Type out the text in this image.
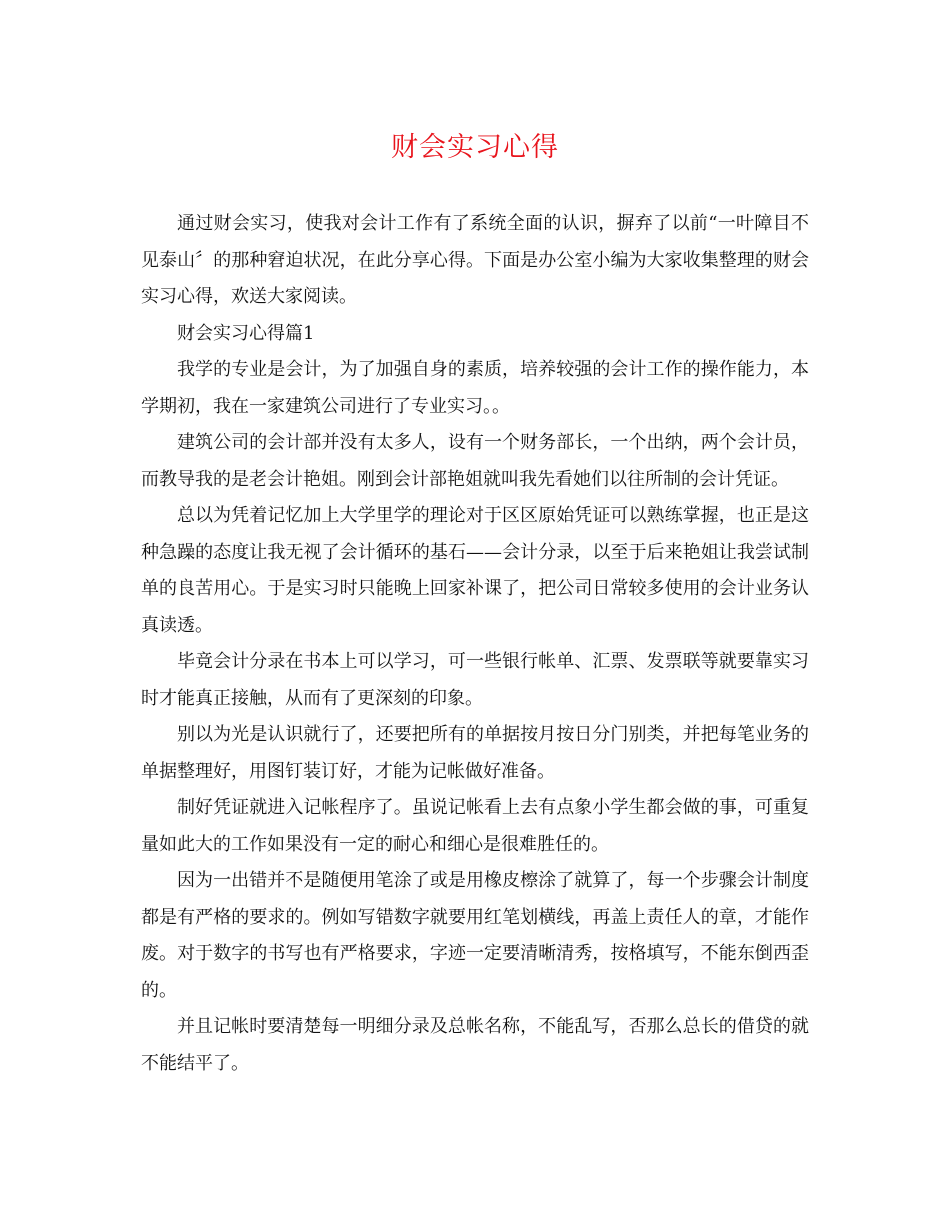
财会实习心得

通过财会实习，使我对会计工作有了系统全面的认识，摒弃了以前“一叶障目不见泰山〞的那种窘迫状况，在此分享心得。下面是办公室小编为大家收集整理的财会实习心得，欢送大家阅读。

财会实习心得篇1

我学的专业是会计，为了加强自身的素质，培养较强的会计工作的操作能力，本学期初，我在一家建筑公司进行了专业实习。。

建筑公司的会计部并没有太多人，设有一个财务部长，一个出纳，两个会计员，而教导我的是老会计艳姐。刚到会计部艳姐就叫我先看她们以往所制的会计凭证。

总以为凭着记忆加上大学里学的理论对于区区原始凭证可以熟练掌握，也正是这种急躁的态度让我无视了会计循环的基石——会计分录，以至于后来艳姐让我尝试制单的良苦用心。于是实习时只能晚上回家补课了，把公司日常较多使用的会计业务认真读透。

毕竟会计分录在书本上可以学习，可一些银行帐单、汇票、发票联等就要靠实习时才能真正接触，从而有了更深刻的印象。

别以为光是认识就行了，还要把所有的单据按月按日分门别类，并把每笔业务的单据整理好，用图钉装订好，才能为记帐做好准备。

制好凭证就进入记帐程序了。虽说记帐看上去有点象小学生都会做的事，可重复量如此大的工作如果没有一定的耐心和细心是很难胜任的。

因为一出错并不是随便用笔涂了或是用橡皮檫涂了就算了，每一个步骤会计制度都是有严格的要求的。例如写错数字就要用红笔划横线，再盖上责任人的章，才能作废。对于数字的书写也有严格要求，字迹一定要清晰清秀，按格填写，不能东倒西歪的。

并且记帐时要清楚每一明细分录及总帐名称，不能乱写，否那么总长的借贷的就不能结平了。
